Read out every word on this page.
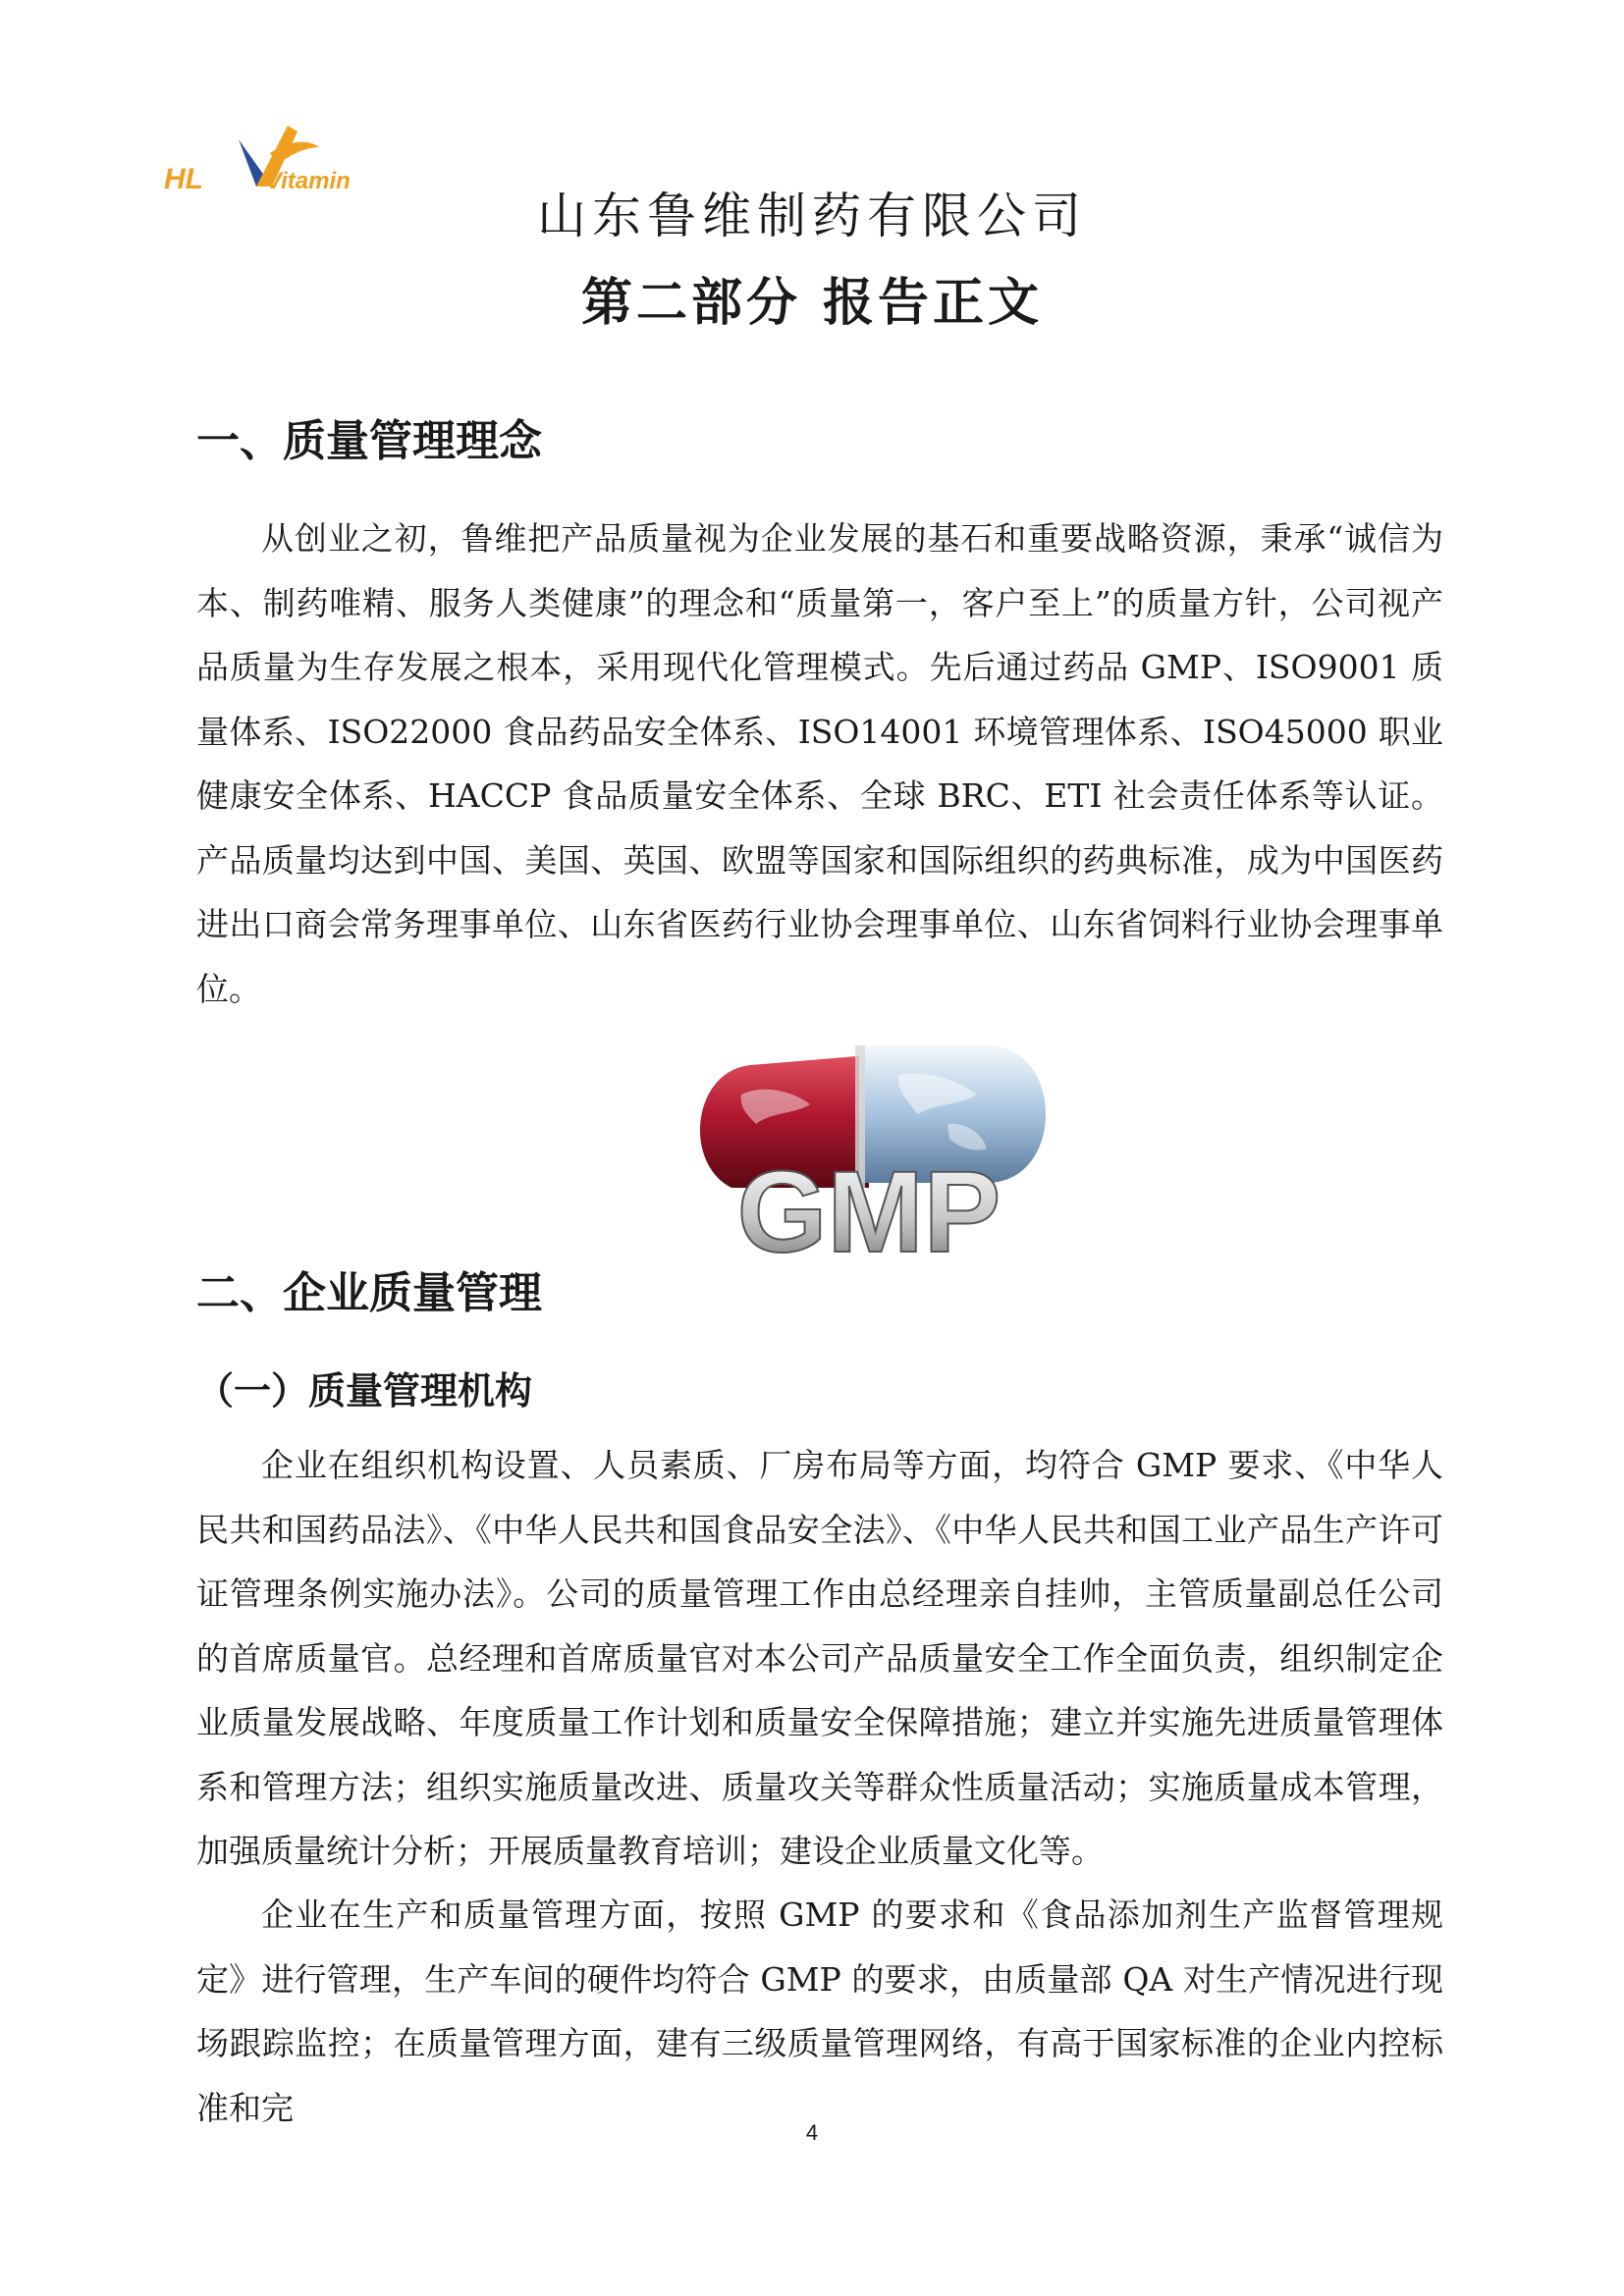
HL	Vitamin
山东鲁维制药有限公司
第二部分 报告正文
一、质量管理理念

从创业之初，鲁维把产品质量视为企业发展的基石和重要战略资源，秉承“诚信为本、制药唯精、服务人类健康”的理念和“质量第一，客户至上”的质量方针，公司视产品质量为生存发展之根本，采用现代化管理模式。先后通过药品 GMP、ISO9001 质量体系、ISO22000 食品药品安全体系、ISO14001 环境管理体系、ISO45000 职业健康安全体系、HACCP 食品质量安全体系、全球 BRC、ETI 社会责任体系等认证。产品质量均达到中国、美国、英国、欧盟等国家和国际组织的药典标准，成为中国医药进出口商会常务理事单位、山东省医药行业协会理事单位、山东省饲料行业协会理事单位。

GMP
二、企业质量管理
（一）质量管理机构

企业在组织机构设置、人员素质、厂房布局等方面，均符合 GMP 要求、《中华人民共和国药品法》、《中华人民共和国食品安全法》、《中华人民共和国工业产品生产许可证管理条例实施办法》。公司的质量管理工作由总经理亲自挂帅，主管质量副总任公司的首席质量官。总经理和首席质量官对本公司产品质量安全工作全面负责，组织制定企业质量发展战略、年度质量工作计划和质量安全保障措施；建立并实施先进质量管理体系和管理方法；组织实施质量改进、质量攻关等群众性质量活动；实施质量成本管理，加强质量统计分析；开展质量教育培训；建设企业质量文化等。

企业在生产和质量管理方面，按照 GMP 的要求和《食品添加剂生产监督管理规定》进行管理，生产车间的硬件均符合 GMP 的要求，由质量部 QA 对生产情况进行现场跟踪监控；在质量管理方面，建有三级质量管理网络，有高于国家标准的企业内控标准和完

4
